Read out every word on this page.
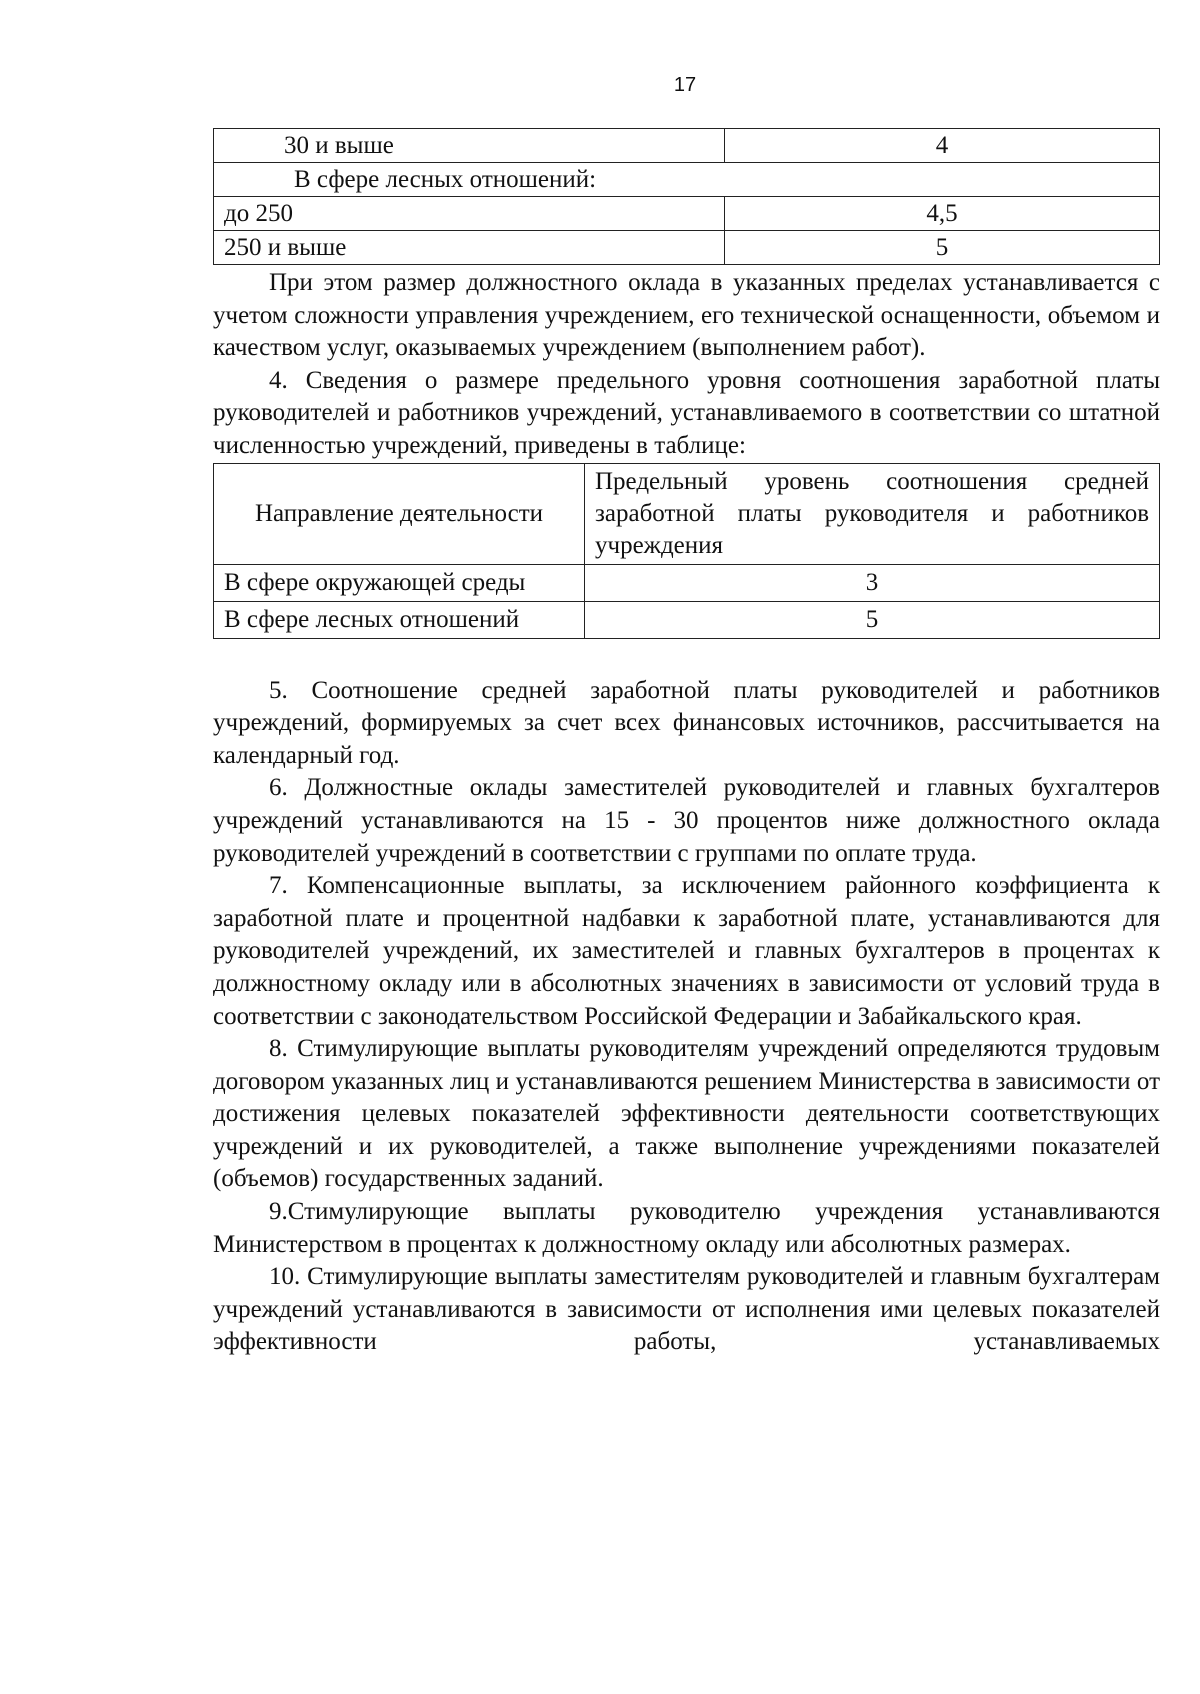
17
30 и выше	4
В сфере лесных отношений:	
до 250	4,5
250 и выше	5

При этом размер должностного оклада в указанных пределах устанавливается с учетом сложности управления учреждением, его технической оснащенности, объемом и качеством услуг, оказываемых учреждением (выполнением работ).

4. Сведения о размере предельного уровня соотношения заработной платы руководителей и работников учреждений, устанавливаемого в соответствии со штатной численностью учреждений, приведены в таблице:

Направление деятельности	Предельный уровень соотношения средней заработной платы руководителя и работников учреждения
В сфере окружающей среды	3
В сфере лесных отношений	5

5. Соотношение средней заработной платы руководителей и работников учреждений, формируемых за счет всех финансовых источников, рассчитывается на календарный год.

6. Должностные оклады заместителей руководителей и главных бухгалтеров учреждений устанавливаются на 15 - 30 процентов ниже должностного оклада руководителей учреждений в соответствии с группами по оплате труда.

7. Компенсационные выплаты, за исключением районного коэффициента к заработной плате и процентной надбавки к заработной плате, устанавливаются для руководителей учреждений, их заместителей и главных бухгалтеров в процентах к должностному окладу или в абсолютных значениях в зависимости от условий труда в соответствии с законодательством Российской Федерации и Забайкальского края.

8. Стимулирующие выплаты руководителям учреждений определяются трудовым договором указанных лиц и устанавливаются решением Министерства в зависимости от достижения целевых показателей эффективности деятельности соответствующих учреждений и их руководителей, а также выполнение учреждениями показателей (объемов) государственных заданий.

9.Стимулирующие выплаты руководителю учреждения устанавливаются Министерством в процентах к должностному окладу или абсолютных размерах.

10. Стимулирующие выплаты заместителям руководителей и главным бухгалтерам учреждений устанавливаются в зависимости от исполнения ими целевых показателей эффективности работы, устанавливаемых
